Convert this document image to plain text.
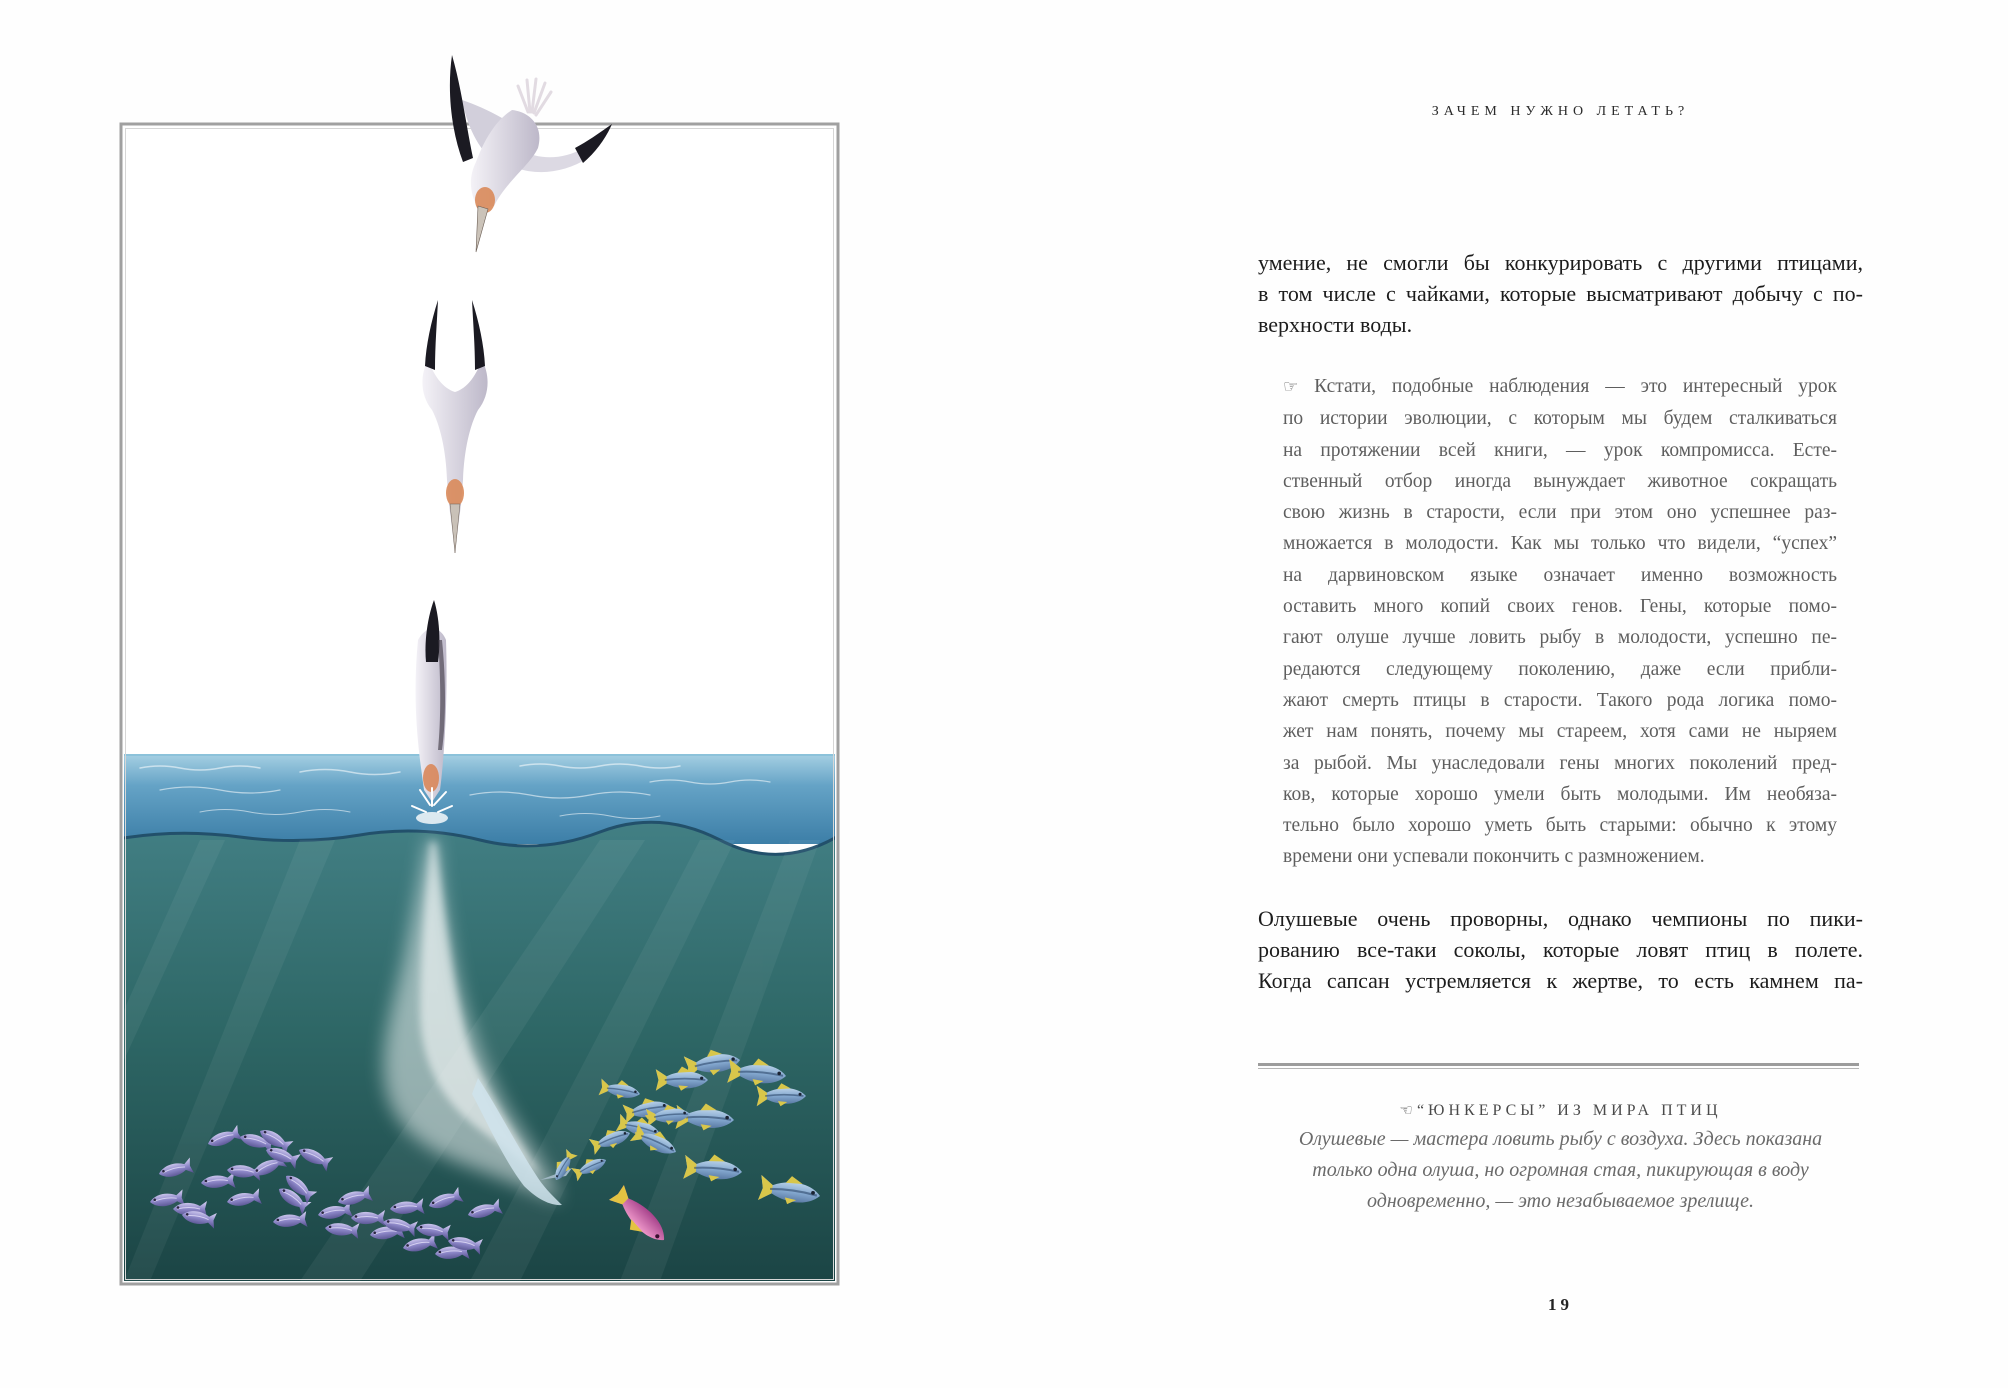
ЗАЧЕМ НУЖНО ЛЕТАТЬ?
умение, не смогли бы конкурировать с другими птицами,
в том числе с чайками, которые высматривают добычу с по-
верхности воды.
☞ Кстати, подобные наблюдения — это интересный урок
по истории эволюции, с которым мы будем сталкиваться
на протяжении всей книги, — урок компромисса. Есте-
ственный отбор иногда вынуждает животное сокращать
свою жизнь в старости, если при этом оно успешнее раз-
множается в молодости. Как мы только что видели, “успех”
на дарвиновском языке означает именно возможность
оставить много копий своих генов. Гены, которые помо-
гают олуше лучше ловить рыбу в молодости, успешно пе-
редаются следующему поколению, даже если прибли-
жают смерть птицы в старости. Такого рода логика помо-
жет нам понять, почему мы стареем, хотя сами не ныряем
за рыбой. Мы унаследовали гены многих поколений пред-
ков, которые хорошо умели быть молодыми. Им необяза-
тельно было хорошо уметь быть старыми: обычно к этому
времени они успевали покончить с размножением.
Олушевые очень проворны, однако чемпионы по пики-
рованию все-таки соколы, которые ловят птиц в полете.
Когда сапсан устремляется к жертве, то есть камнем па-
☜ “ЮНКЕРСЫ” ИЗ МИРА ПТИЦ
Олушевые — мастера ловить рыбу с воздуха. Здесь показана
только одна олуша, но огромная стая, пикирующая в воду
одновременно, — это незабываемое зрелище.
19
